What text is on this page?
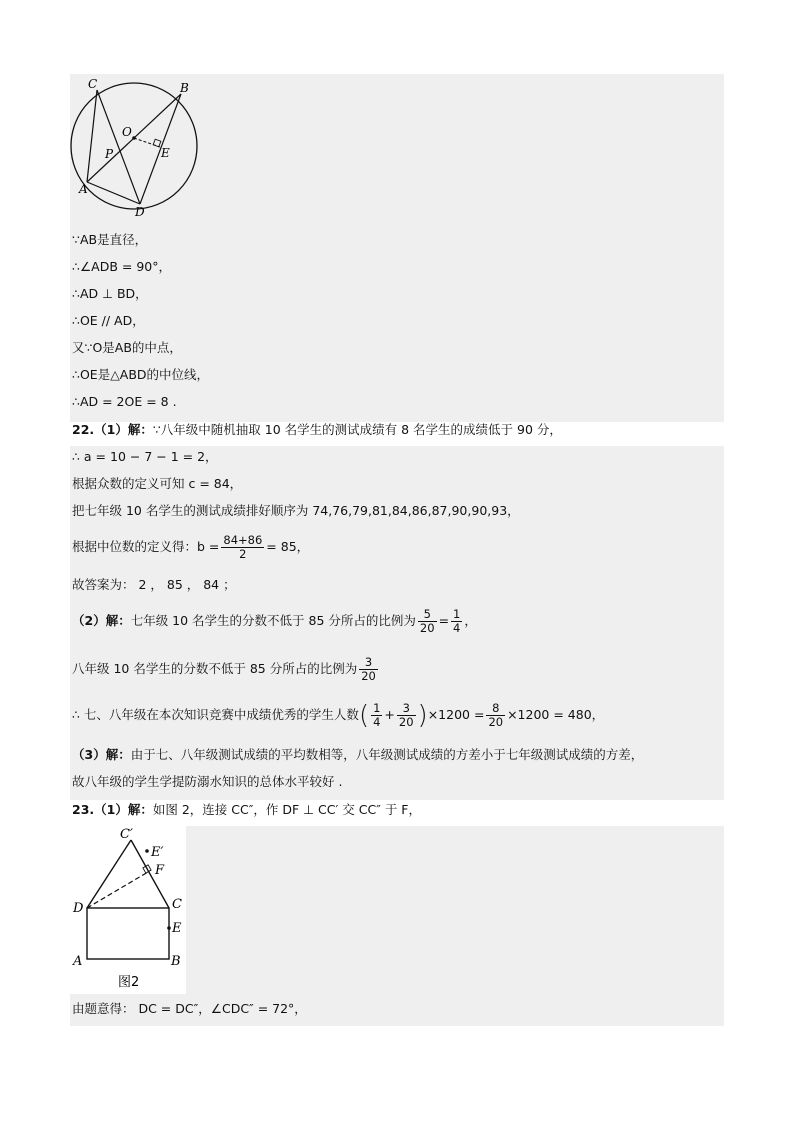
C	B
O
P	E
A
D
∵AB是直径，
∴∠ADB = 90°，
∴AD ⊥ BD，
∴OE // AD，
又∵O是AB的中点，
∴OE是△ABD的中位线，
∴AD = 2OE = 8 .
22.（1）解：∵八年级中随机抽取 10 名学生的测试成绩有 8 名学生的成绩低于 90 分，
∴ a = 10 − 7 − 1 = 2，
根据众数的定义可知 c = 84，
把七年级 10 名学生的测试成绩排好顺序为 74,76,79,81,84,86,87,90,90,93，
根据中位数的定义得：$b = \frac{84+86}{2} = 85$，
故答案为： 2 ， 85 ， 84 ；
（2）解：七年级 10 名学生的分数不低于 85 分所占的比例为 $\frac{5}{20} = \frac{1}{4}$ ，
八年级 10 名学生的分数不低于 85 分所占的比例为 $\frac{3}{20}$
∴ 七、八年级在本次知识竞赛中成绩优秀的学生人数( $\frac{1}{4} + \frac{3}{20} )\times 1200 = \frac{8}{20} \times 1200 = 480$，
（3）解：由于七、八年级测试成绩的平均数相等，八年级测试成绩的方差小于七年级测试成绩的方差，
故八年级的学生学提防溺水知识的总体水平较好 .
23.（1）解：如图 2，连接 CC″，作 DF ⊥ CC′ 交 CC″ 于 F，
C′
E′
F
D	C
E
A	B
图2
由题意得： DC = DC″，∠CDC″ = 72°，
